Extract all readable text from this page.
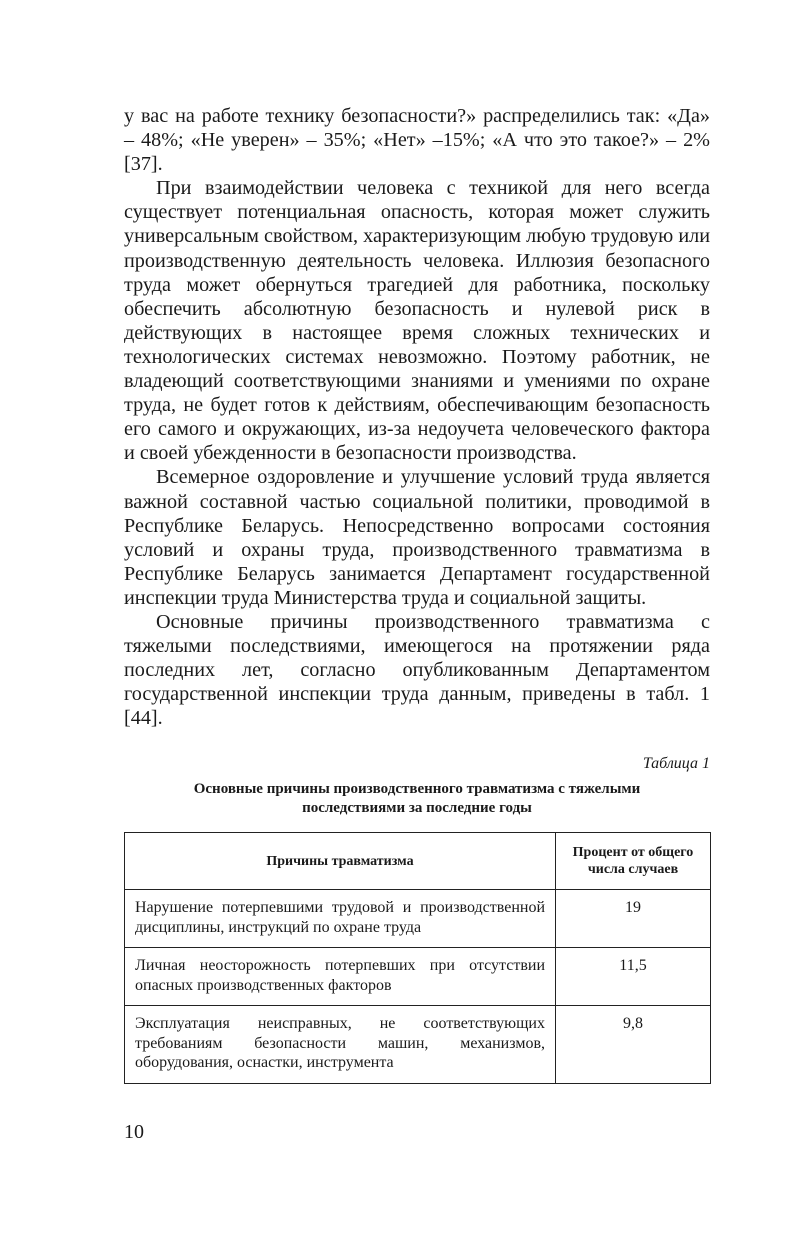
у вас на работе технику безопасности?» распределились так: «Да» – 48%; «Не уверен» – 35%; «Нет» –15%; «А что это такое?» – 2% [37].

При взаимодействии человека с техникой для него всегда существует потенциальная опасность, которая может служить универсальным свойством, характеризующим любую трудовую или производственную деятельность человека. Иллюзия безопасного труда может обернуться трагедией для работника, поскольку обеспечить абсолютную безопасность и нулевой риск в действующих в настоящее время сложных технических и технологических системах невозможно. Поэтому работник, не владеющий соответствующими знаниями и умениями по охране труда, не будет готов к действиям, обеспечивающим безопасность его самого и окружающих, из-за недоучета человеческого фактора и своей убежденности в безопасности производства.

Всемерное оздоровление и улучшение условий труда является важной составной частью социальной политики, проводимой в Республике Беларусь. Непосредственно вопросами состояния условий и охраны труда, производственного травматизма в Республике Беларусь занимается Департамент государственной инспекции труда Министерства труда и социальной защиты.

Основные причины производственного травматизма с тяжелыми последствиями, имеющегося на протяжении ряда последних лет, согласно опубликованным Департаментом государственной инспекции труда данным, приведены в табл. 1 [44].

Таблица 1
Основные причины производственного травматизма с тяжелыми последствиями за последние годы
Причины травматизма	Процент от общего числа случаев
Нарушение потерпевшими трудовой и производственной дисциплины, инструкций по охране труда	19
Личная неосторожность потерпевших при отсутствии опасных производственных факторов	11,5
Эксплуатация неисправных, не соответствующих требованиям безопасности машин, механизмов, оборудования, оснастки, инструмента	9,8
10
